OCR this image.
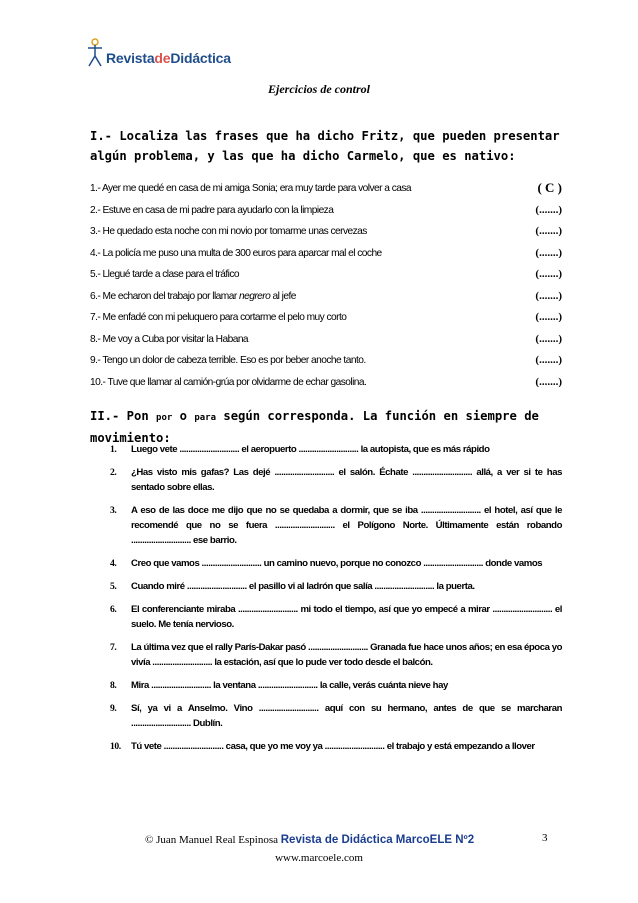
RevistadeDidáctica
Ejercicios de control
I.- Localiza las frases que ha dicho Fritz, que pueden presentar algún problema, y las que ha dicho Carmelo, que es nativo:
1.- Ayer me quedé en casa de mi amiga Sonia; era muy tarde para volver a casa	( C )
2.- Estuve en casa de mi padre para ayudarlo con la limpieza	(.......)
3.- He quedado esta noche con mi novio por tomarme unas cervezas	(.......)
4.- La policía me puso una multa de 300 euros para aparcar mal el coche	(.......)
5.- Llegué tarde a clase para el tráfico	(.......)
6.- Me echaron del trabajo por llamar negrero al jefe	(.......)
7.- Me enfadé con mi peluquero para cortarme el pelo muy corto	(.......)
8.- Me voy a Cuba por visitar la Habana	(.......)
9.- Tengo un dolor de cabeza terrible. Eso es por beber anoche tanto.	(.......)
10.- Tuve que llamar al camión-grúa por olvidarme de echar gasolina.	(.......)
II.- Pon por o para según corresponda. La función en siempre de movimiento:
1. Luego vete ........................... el aeropuerto ........................... la autopista, que es más rápido
2. ¿Has visto mis gafas? Las dejé ........................... el salón. Échate ........................... allá, a ver si te has sentado sobre ellas.
3. A eso de las doce me dijo que no se quedaba a dormir, que se iba ........................... el hotel, así que le recomendé que no se fuera ........................... el Polígono Norte. Últimamente están robando ........................... ese barrio.
4. Creo que vamos ........................... un camino nuevo, porque no conozco ........................... donde vamos
5. Cuando miré ........................... el pasillo vi al ladrón que salía ........................... la puerta.
6. El conferenciante miraba ........................... mi todo el tiempo, así que yo empecé a mirar ........................... el suelo. Me tenía nervioso.
7. La última vez que el rally París-Dakar pasó ........................... Granada fue hace unos años; en esa época yo vivía ........................... la estación, así que lo pude ver todo desde el balcón.
8. Mira ........................... la ventana ........................... la calle, verás cuánta nieve hay
9. Sí, ya vi a Anselmo. Vino ........................... aquí con su hermano, antes de que se marcharan ........................... Dublín.
10. Tú vete ........................... casa, que yo me voy ya ........................... el trabajo y está empezando a llover
© Juan Manuel Real Espinosa Revista de Didáctica MarcoELE Nº2
www.marcoele.com
3
